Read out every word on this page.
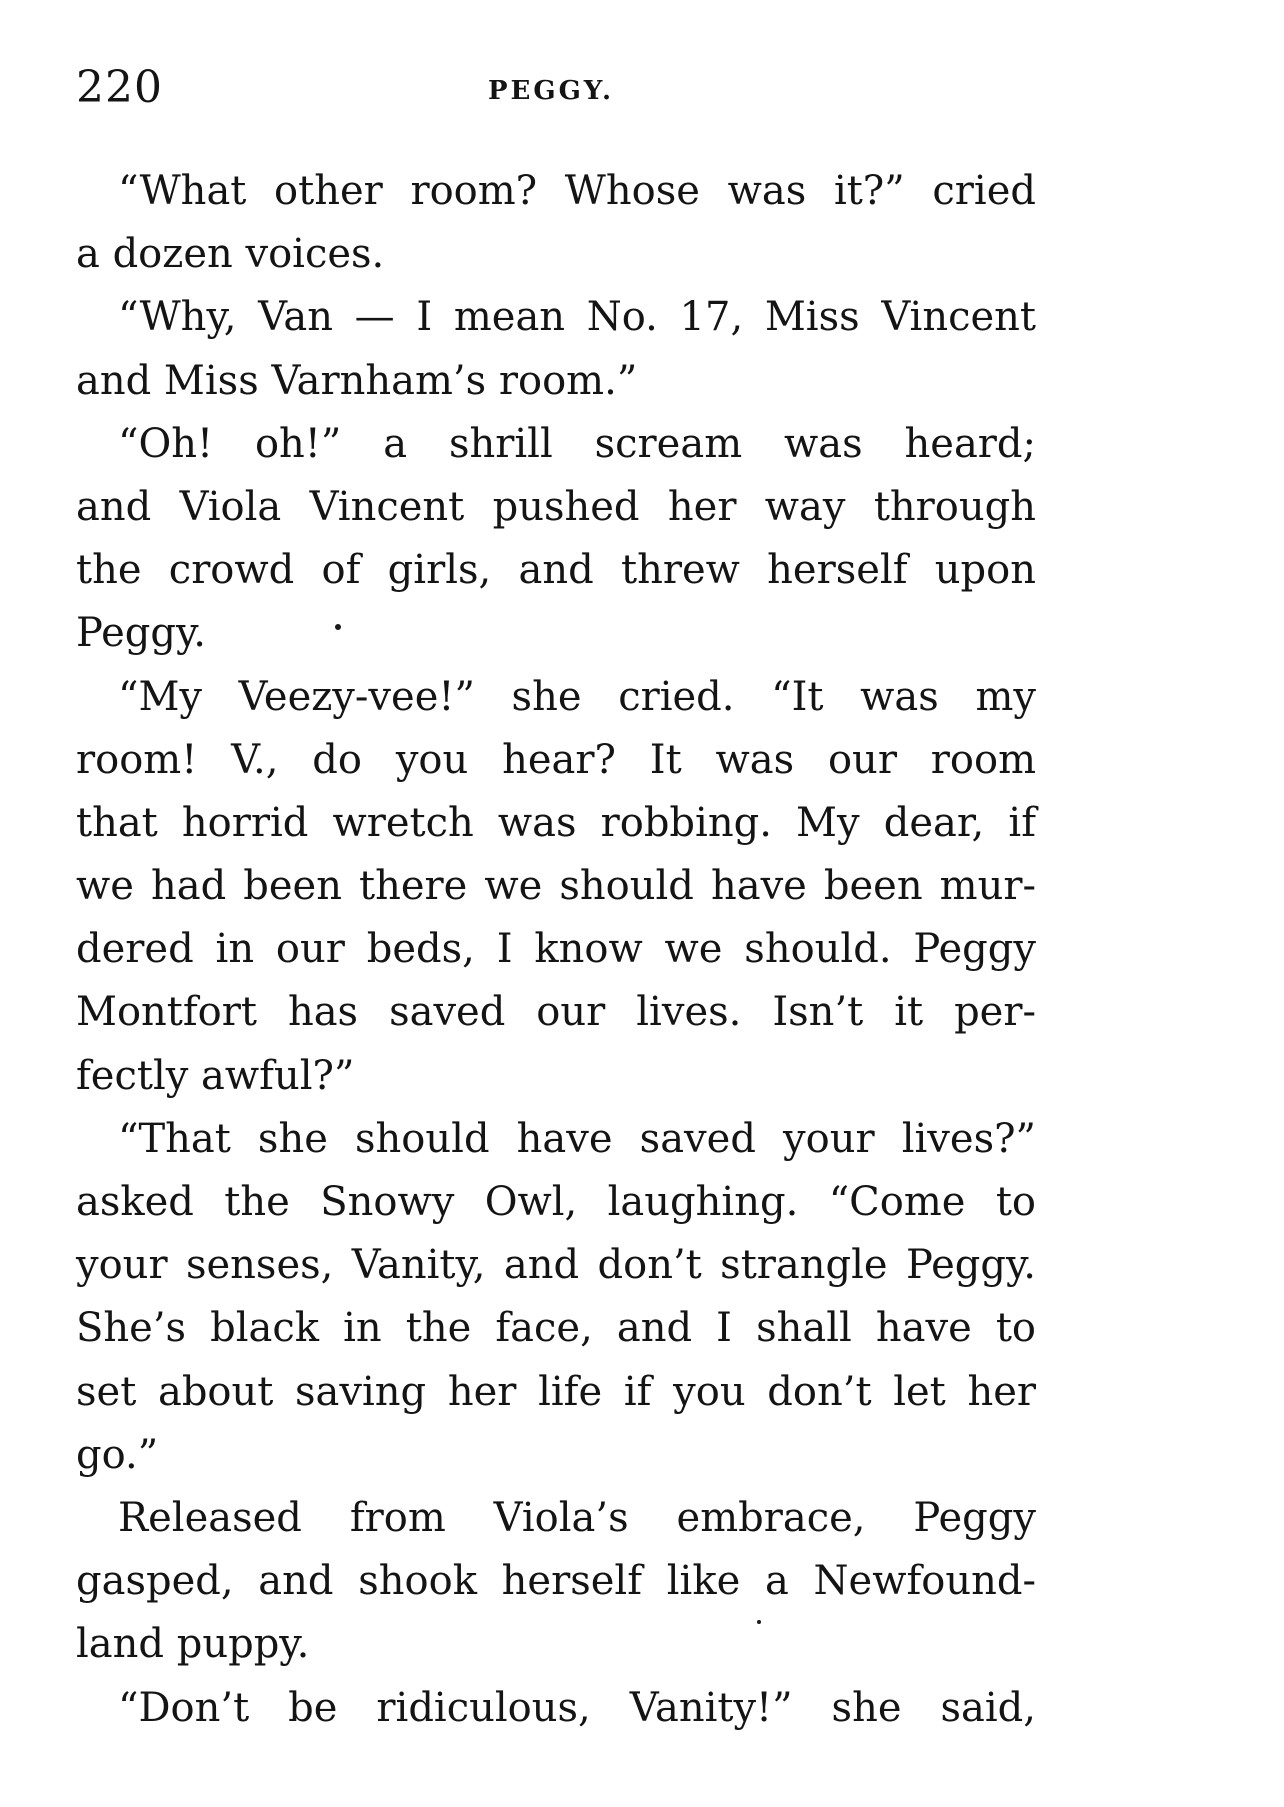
220	PEGGY.
“What other room? Whose was it?” cried
a dozen voices.
“Why, Van — I mean No. 17, Miss Vincent
and Miss Varnham’s room.”
“Oh! oh!” a shrill scream was heard;
and Viola Vincent pushed her way through
the crowd of girls, and threw herself upon
Peggy.
“My Veezy-vee!” she cried. “It was my
room! V., do you hear? It was our room
that horrid wretch was robbing. My dear, if
we had been there we should have been mur-
dered in our beds, I know we should. Peggy
Montfort has saved our lives. Isn’t it per-
fectly awful?”
“That she should have saved your lives?”
asked the Snowy Owl, laughing. “Come to
your senses, Vanity, and don’t strangle Peggy.
She’s black in the face, and I shall have to
set about saving her life if you don’t let her
go.”
Released from Viola’s embrace, Peggy
gasped, and shook herself like a Newfound-
land puppy.
“Don’t be ridiculous, Vanity!” she said,
